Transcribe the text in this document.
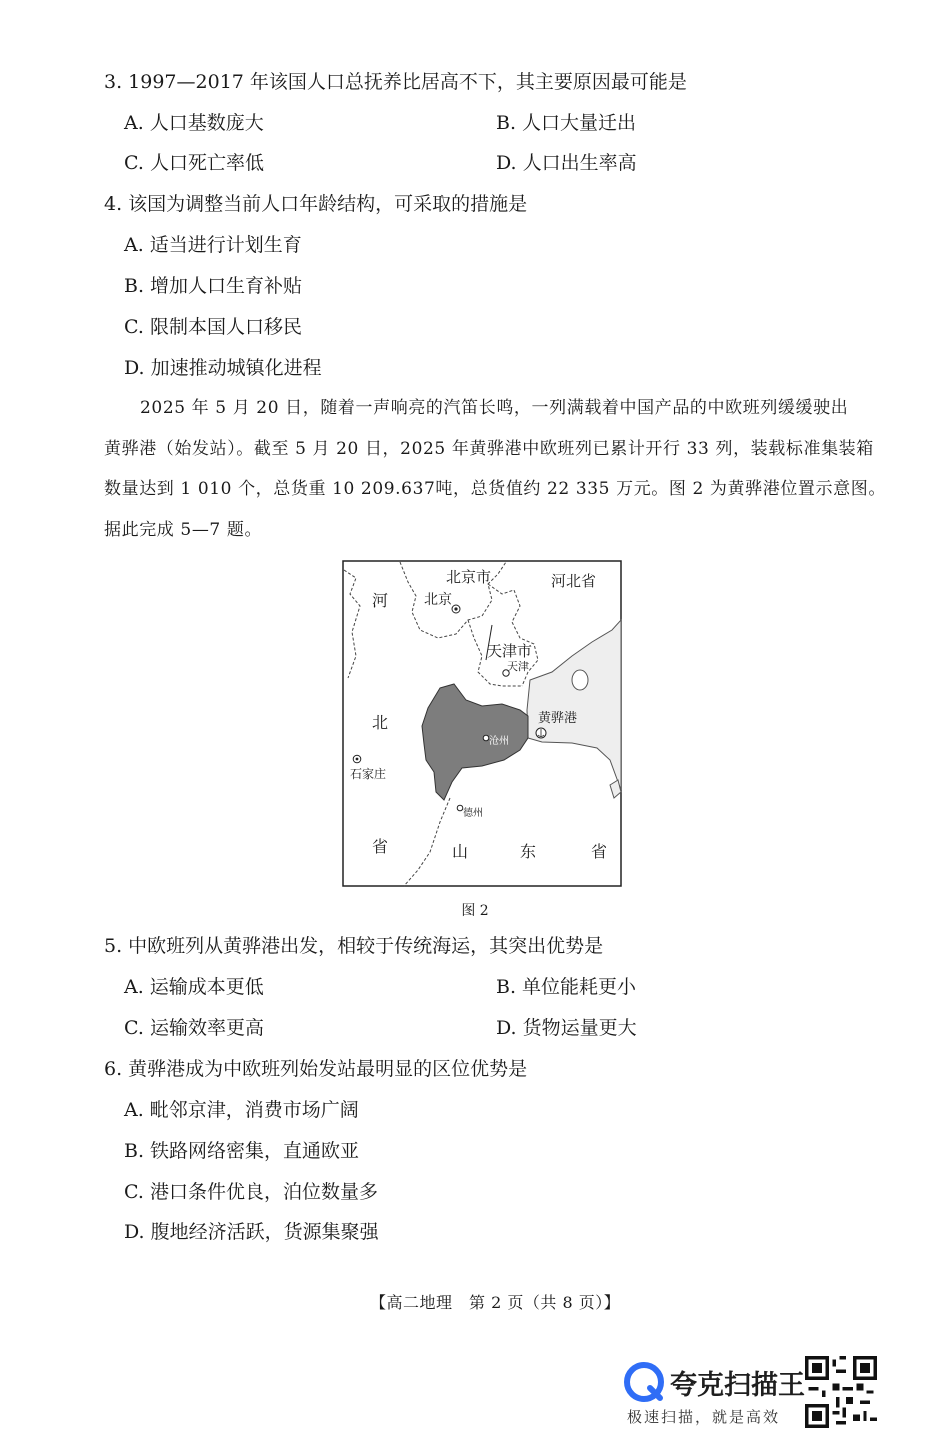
3. 1997—2017 年该国人口总抚养比居高不下，其主要原因最可能是
A. 人口基数庞大	B. 人口大量迁出
C. 人口死亡率低	D. 人口出生率高
4. 该国为调整当前人口年龄结构，可采取的措施是
A. 适当进行计划生育
B. 增加人口生育补贴
C. 限制本国人口移民
D. 加速推动城镇化进程
2025 年 5 月 20 日，随着一声响亮的汽笛长鸣，一列满载着中国产品的中欧班列缓缓驶出
黄骅港（始发站）。截至 5 月 20 日，2025 年黄骅港中欧班列已累计开行 33 列，装载标准集装箱
数量达到 1 010 个，总货重 10 209.637吨，总货值约 22 335 万元。图 2 为黄骅港位置示意图。
据此完成 5—7 题。
北京市	河北省
河	北京
天津市
天津
黄骅港
北
沧州
石家庄
德州
省	山	东	省
图 2
5. 中欧班列从黄骅港出发，相较于传统海运，其突出优势是
A. 运输成本更低	B. 单位能耗更小
C. 运输效率更高	D. 货物运量更大
6. 黄骅港成为中欧班列始发站最明显的区位优势是
A. 毗邻京津，消费市场广阔
B. 铁路网络密集，直通欧亚
C. 港口条件优良，泊位数量多
D. 腹地经济活跃，货源集聚强
【高二地理　第 2 页（共 8 页）】
夸克扫描王
极速扫描，就是高效
